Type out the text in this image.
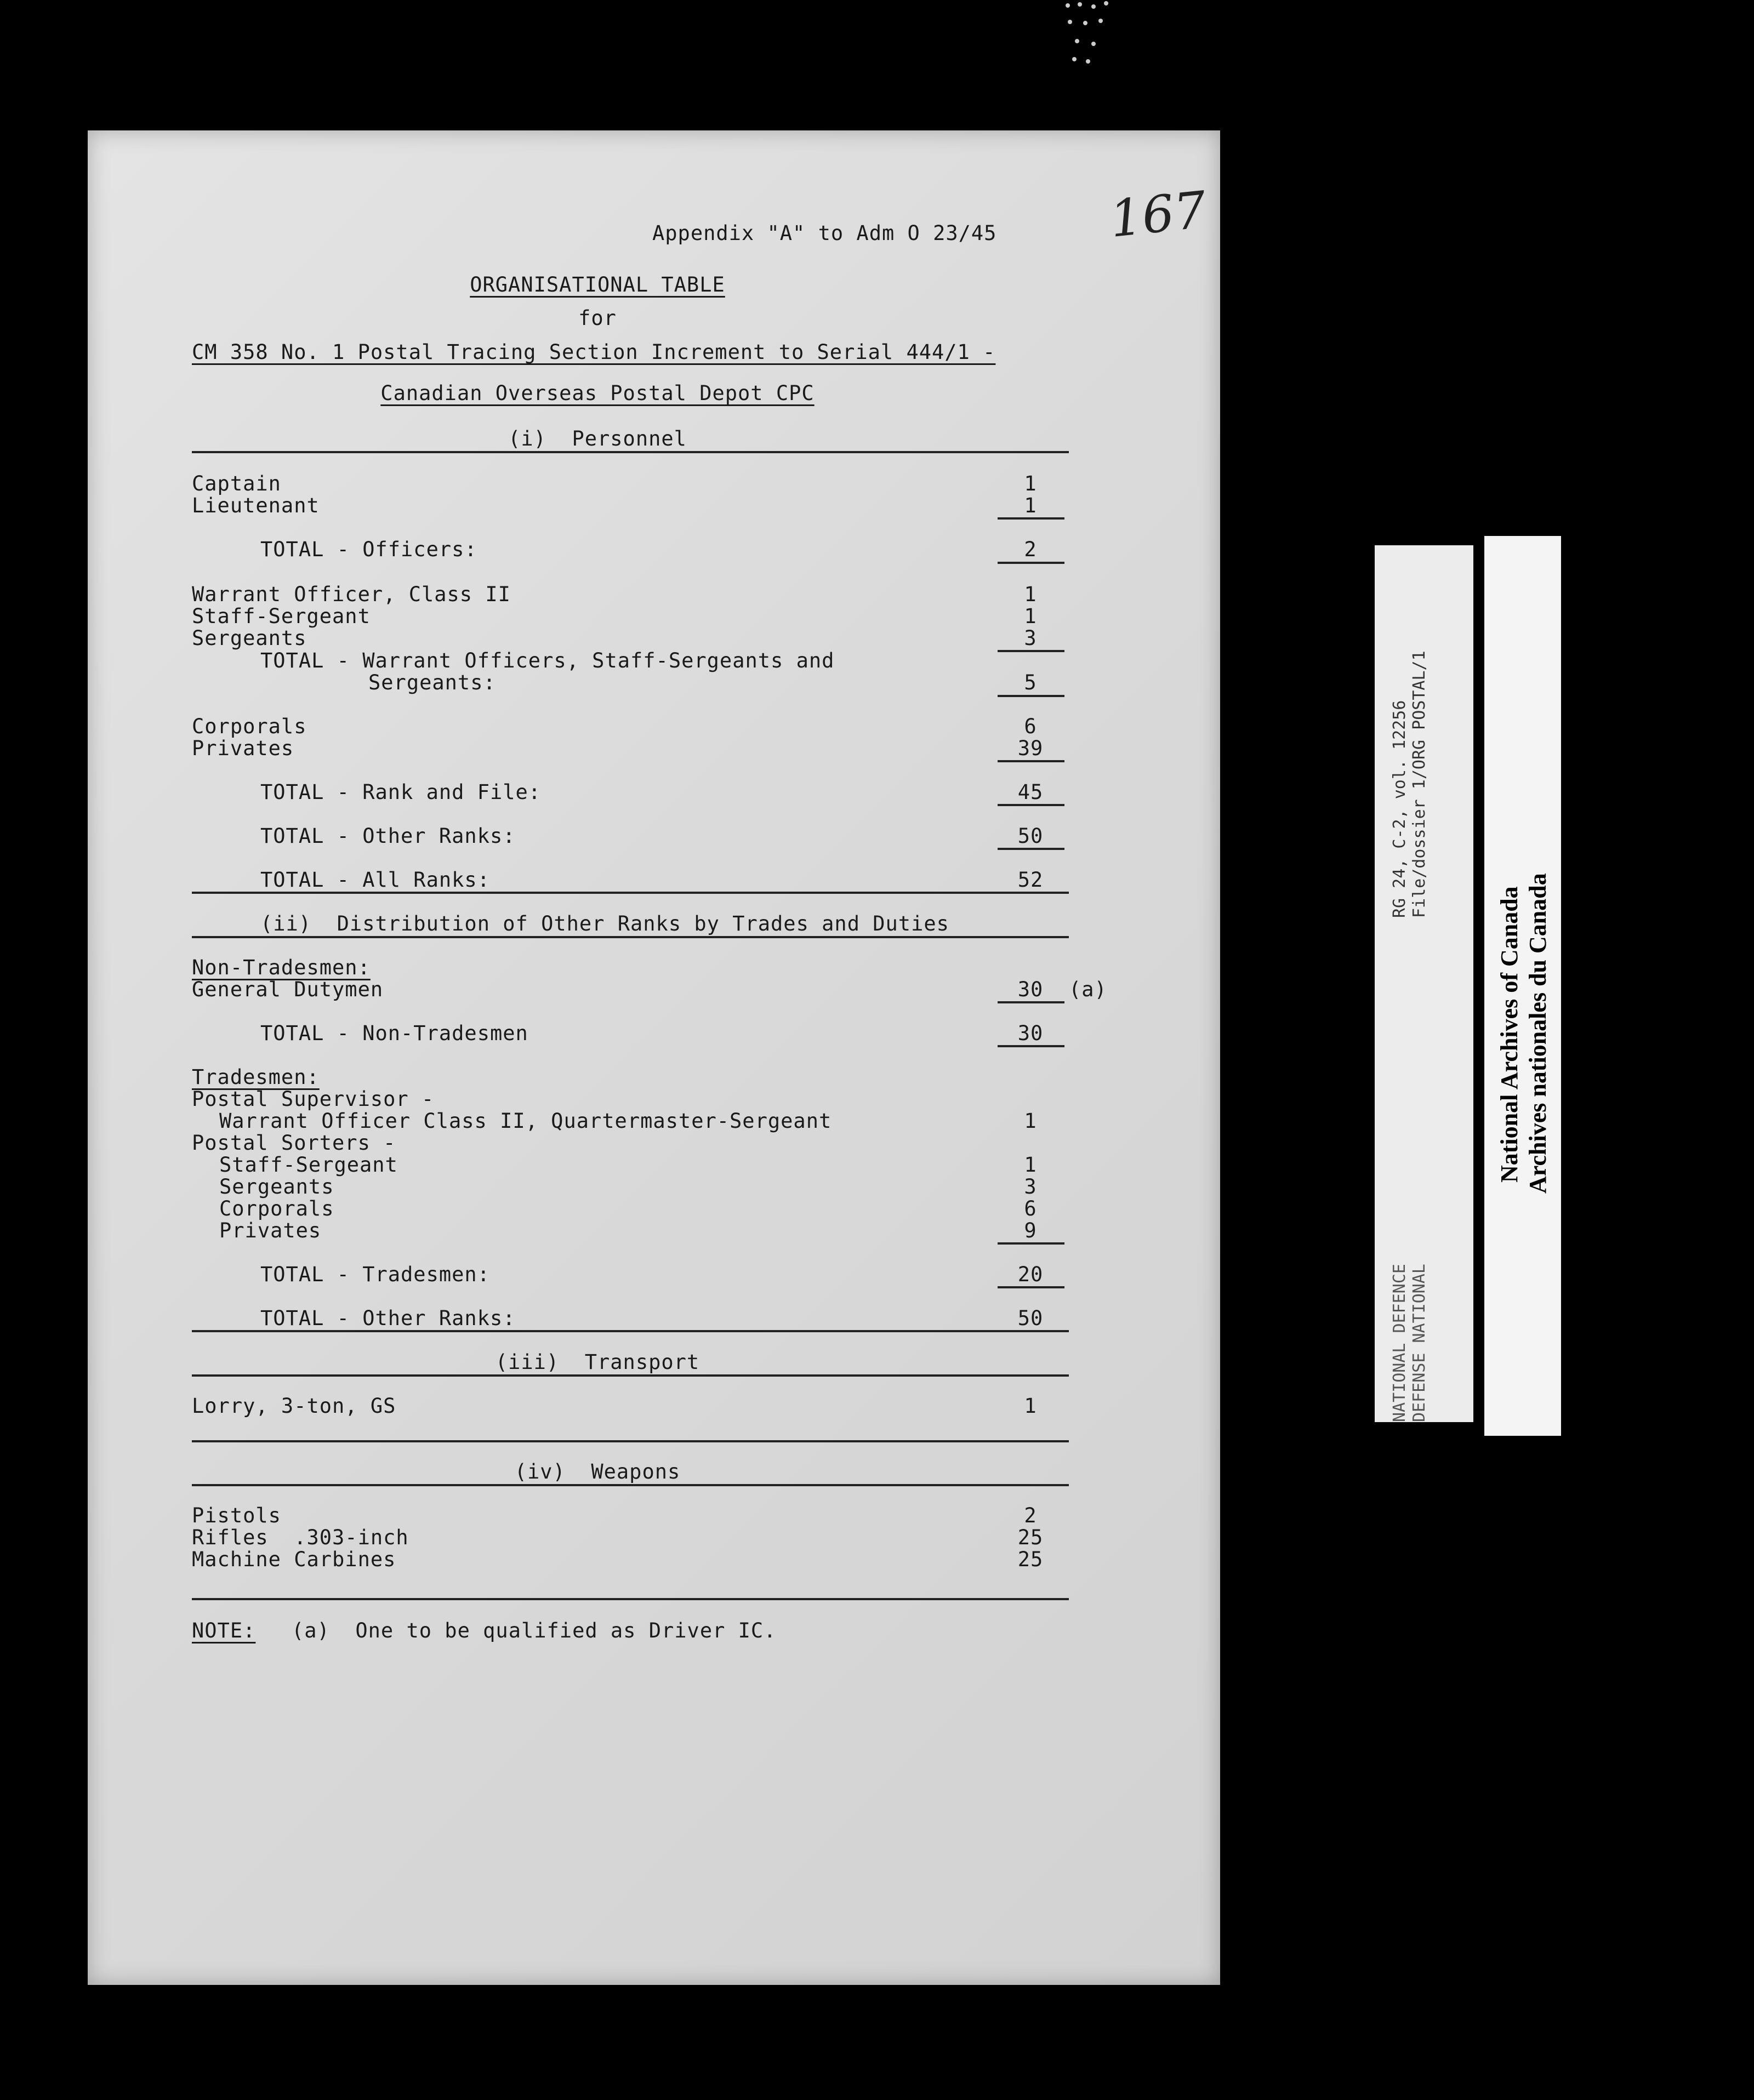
167
Appendix "A" to Adm O 23/45
ORGANISATIONAL TABLE
for
CM 358 No. 1 Postal Tracing Section Increment to Serial 444/1 -
Canadian Overseas Postal Depot CPC
(i)  Personnel
Captain	1
Lieutenant	1
TOTAL - Officers:	2
Warrant Officer, Class II	1
Staff-Sergeant	1
Sergeants	3
TOTAL - Warrant Officers, Staff-Sergeants and
Sergeants:	5
Corporals	6
Privates	39
TOTAL - Rank and File:	45
TOTAL - Other Ranks:	50
TOTAL - All Ranks:	52
(ii)  Distribution of Other Ranks by Trades and Duties
Non-Tradesmen:
General Dutymen	30	(a)
TOTAL - Non-Tradesmen	30
Tradesmen:
Postal Supervisor -
Warrant Officer Class II, Quartermaster-Sergeant	1
Postal Sorters -
Staff-Sergeant	1
Sergeants	3
Corporals	6
Privates	9
TOTAL - Tradesmen:	20
TOTAL - Other Ranks:	50
(iii)  Transport
Lorry, 3-ton, GS	1
(iv)  Weapons
Pistols	2
Rifles  .303-inch	25
Machine Carbines	25
NOTE: (a)  One to be qualified as Driver IC.
RG 24, C-2, vol. 12256 File/dossier 1/ORG POSTAL/1
NATIONAL DEFENCE DEFENSE NATIONAL
National Archives of Canada Archives nationales du Canada
